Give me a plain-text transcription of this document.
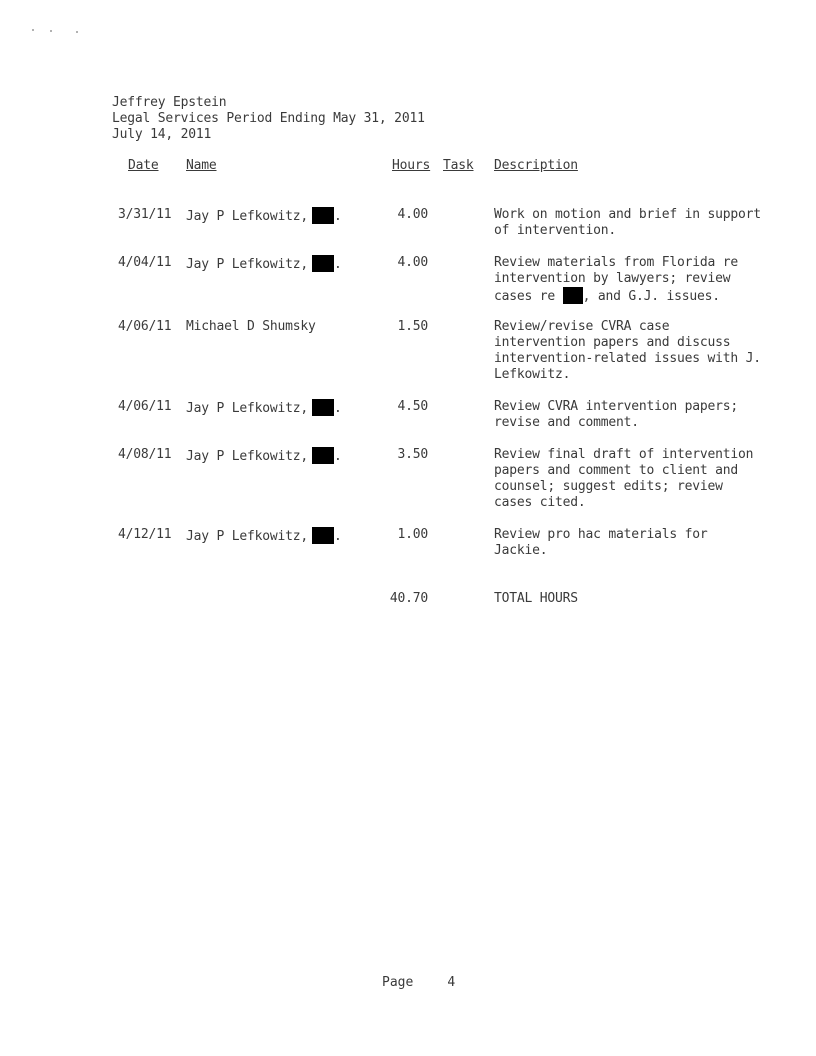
Jeffrey Epstein
Legal Services Period Ending May 31, 2011
July 14, 2011
Date Name	Hours Task Description
3/31/11 Jay P Lefkowitz, .	4.00	Work on motion and brief in support
of intervention.
4/04/11 Jay P Lefkowitz, .	4.00	Review materials from Florida re
intervention by lawyers; review
cases re , and G.J. issues.
4/06/11 Michael D Shumsky	1.50	Review/revise CVRA case
intervention papers and discuss
intervention-related issues with J.
Lefkowitz.
4/06/11 Jay P Lefkowitz, .	4.50	Review CVRA intervention papers;
revise and comment.
4/08/11 Jay P Lefkowitz, .	3.50	Review final draft of intervention
papers and comment to client and
counsel; suggest edits; review
cases cited.
4/12/11 Jay P Lefkowitz, .	1.00	Review pro hac materials for
Jackie.
40.70	TOTAL HOURS
Page	4
